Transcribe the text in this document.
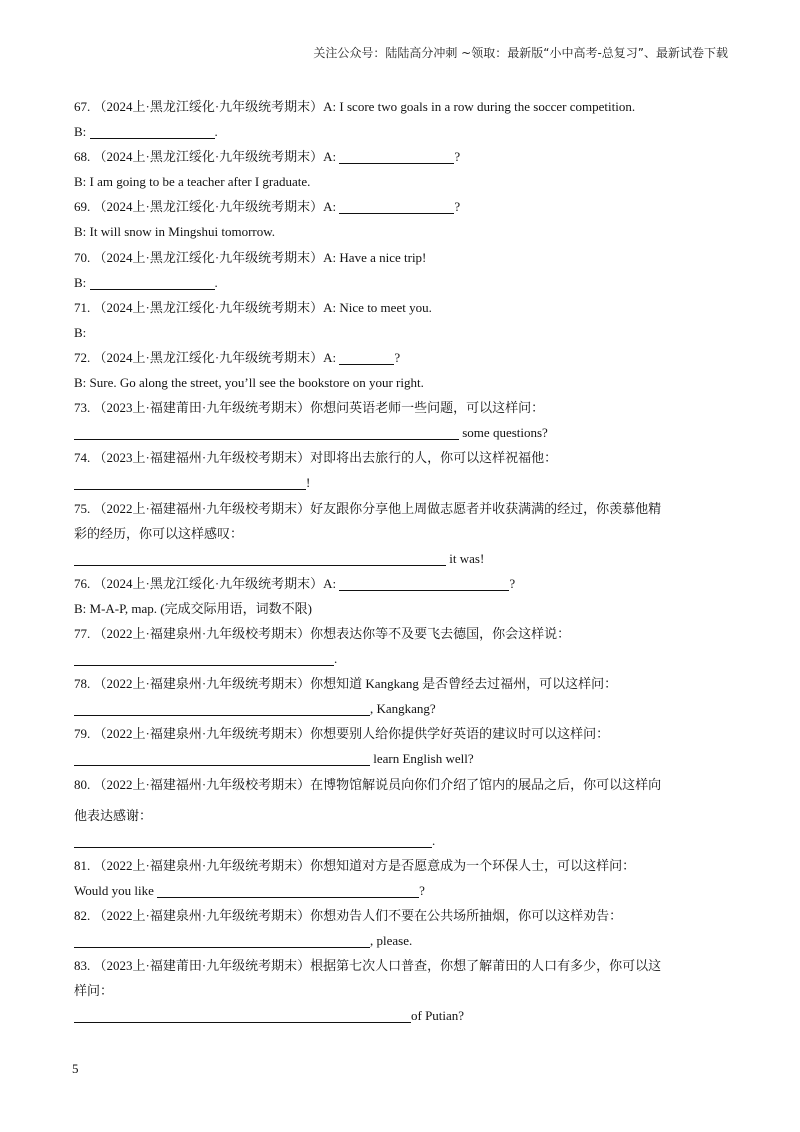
关注公众号：陆陆高分冲刺 ~领取：最新版“小中高考-总复习”、最新试卷下载
67. （2024上·黑龙江绥化·九年级统考期末）A: I score two goals in a row during the soccer competition.
B:	.
68. （2024上·黑龙江绥化·九年级统考期末）A:	?
B: I am going to be a teacher after I graduate.
69. （2024上·黑龙江绥化·九年级统考期末）A:	?
B: It will snow in Mingshui tomorrow.
70. （2024上·黑龙江绥化·九年级统考期末）A: Have a nice trip!
B:	.
71. （2024上·黑龙江绥化·九年级统考期末）A: Nice to meet you.
B:
72. （2024上·黑龙江绥化·九年级统考期末）A:	?
B: Sure. Go along the street, you’ll see the bookstore on your right.
73. （2023上·福建莆田·九年级统考期末）你想问英语老师一些问题，可以这样问：
some questions?
74. （2023上·福建福州·九年级校考期末）对即将出去旅行的人，你可以这样祝福他：
!
75. （2022上·福建福州·九年级校考期末）好友跟你分享他上周做志愿者并收获满满的经过，你羡慕他精
彩的经历，你可以这样感叹：
it was!
76. （2024上·黑龙江绥化·九年级统考期末）A:	?
B: M-A-P, map. (完成交际用语，词数不限)
77. （2022上·福建泉州·九年级校考期末）你想表达你等不及要飞去德国，你会这样说：
.
78. （2022上·福建泉州·九年级统考期末）你想知道 Kangkang 是否曾经去过福州，可以这样问：
, Kangkang?
79. （2022上·福建泉州·九年级统考期末）你想要别人给你提供学好英语的建议时可以这样问：
learn English well?
80. （2022上·福建福州·九年级校考期末）在博物馆解说员向你们介绍了馆内的展品之后，你可以这样向
他表达感谢：
.
81. （2022上·福建泉州·九年级统考期末）你想知道对方是否愿意成为一个环保人士，可以这样问：
Would you like	?
82. （2022上·福建泉州·九年级统考期末）你想劝告人们不要在公共场所抽烟，你可以这样劝告：
, please.
83. （2023上·福建莆田·九年级统考期末）根据第七次人口普查，你想了解莆田的人口有多少，你可以这
样问：
of Putian?
5
